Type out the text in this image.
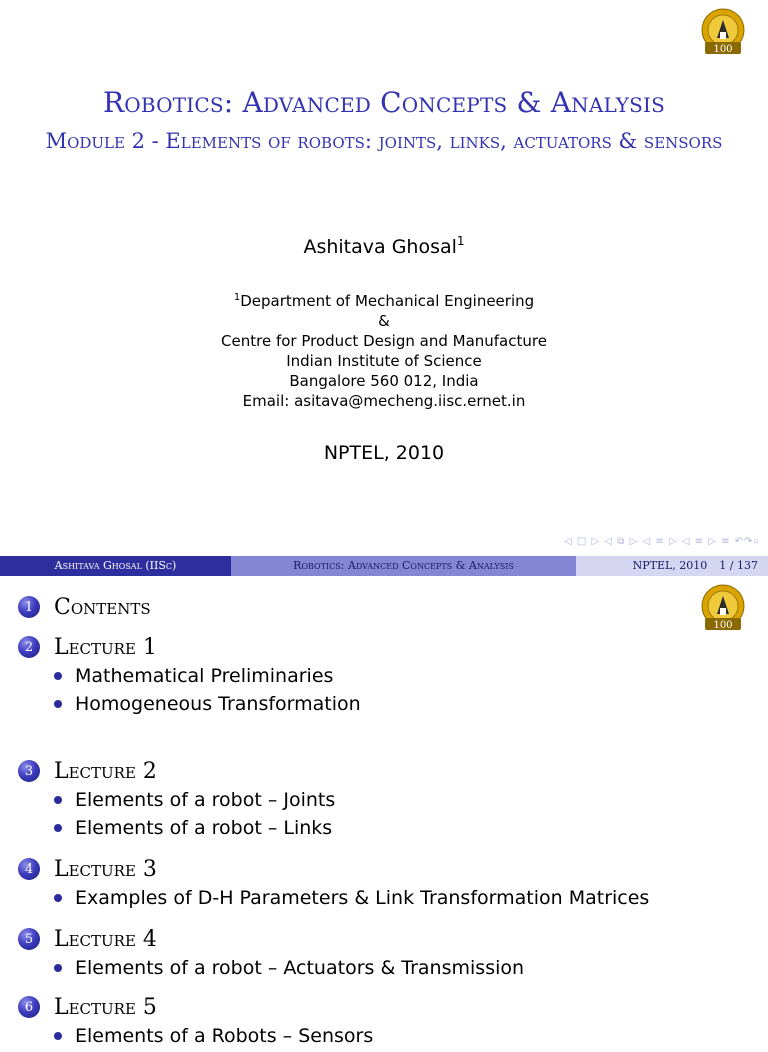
100
Robotics: Advanced Concepts & Analysis
Module 2 - Elements of robots: joints, links, actuators & sensors
Ashitava Ghosal$^1$
$^1$Department of Mechanical Engineering
&
Centre for Product Design and Manufacture
Indian Institute of Science
Bangalore 560 012, India
Email: asitava@mecheng.iisc.ernet.in
NPTEL, 2010
◁ □ ▷ ◁ ⧉ ▷ ◁ ≡ ▷ ◁ ≡ ▷ ≡ ↶↷⌕
Ashitava Ghosal (IISc)	Robotics: Advanced Concepts & Analysis	NPTEL, 2010	1 / 137
100
1 Contents
2 Lecture 1
Mathematical Preliminaries
Homogeneous Transformation
3 Lecture 2
Elements of a robot – Joints
Elements of a robot – Links
4 Lecture 3
Examples of D-H Parameters & Link Transformation Matrices
5 Lecture 4
Elements of a robot – Actuators & Transmission
6 Lecture 5
Elements of a Robots – Sensors
